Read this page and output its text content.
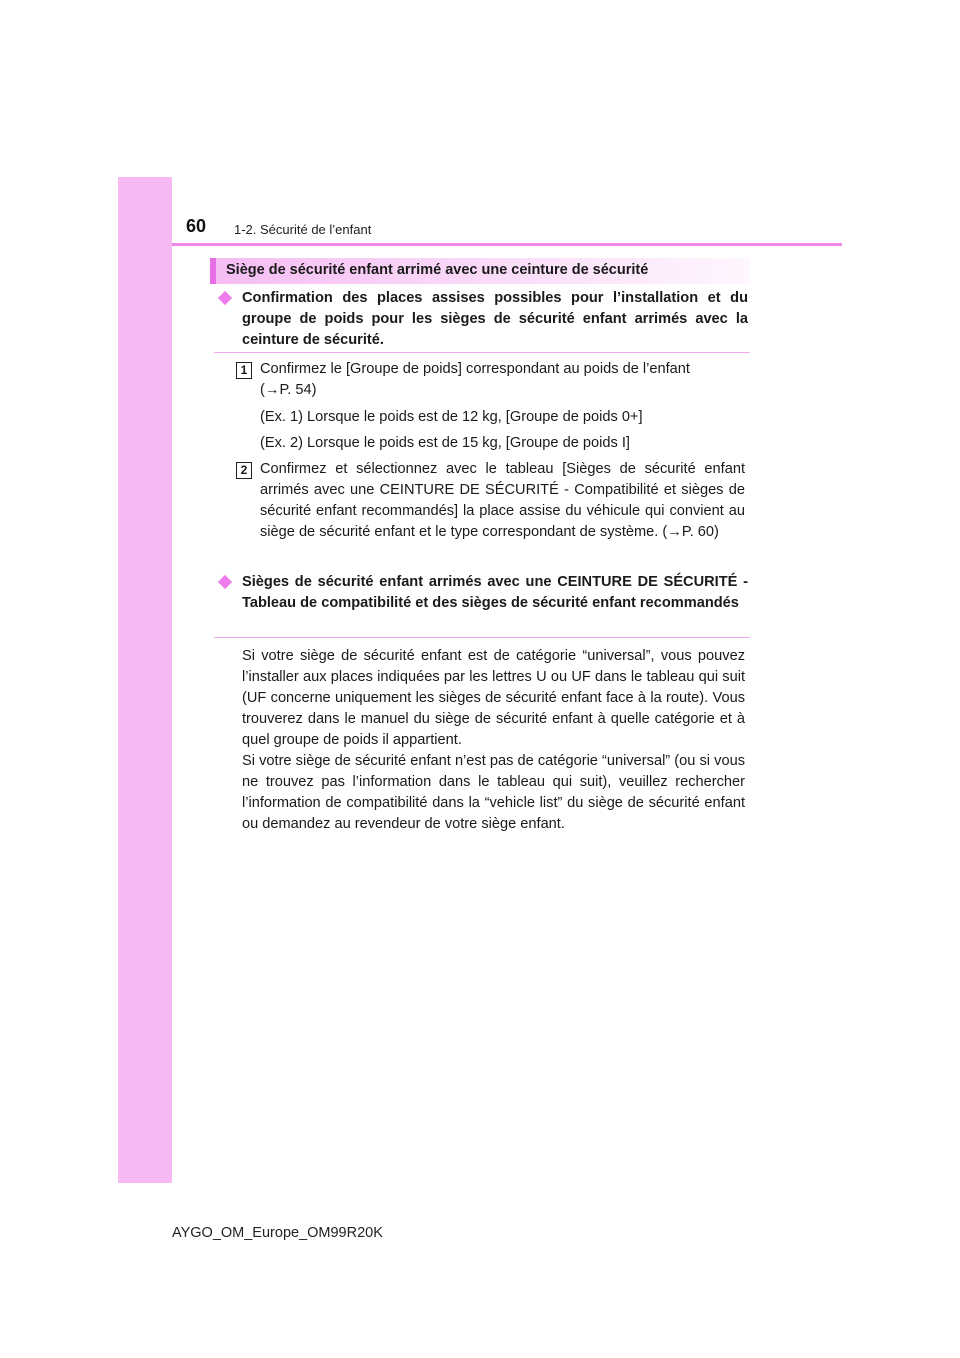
60 1-2. Sécurité de l’enfant
Siège de sécurité enfant arrimé avec une ceinture de sécurité
Confirmation des places assises possibles pour l’installation et du groupe de poids pour les sièges de sécurité enfant arrimés avec la ceinture de sécurité.
1 Confirmez le [Groupe de poids] correspondant au poids de l’enfant (→P. 54)
(Ex. 1) Lorsque le poids est de 12 kg, [Groupe de poids 0+]
(Ex. 2) Lorsque le poids est de 15 kg, [Groupe de poids I]
2 Confirmez et sélectionnez avec le tableau [Sièges de sécurité enfant arrimés avec une CEINTURE DE SÉCURITÉ - Compatibilité et sièges de sécurité enfant recommandés] la place assise du véhicule qui convient au siège de sécurité enfant et le type correspondant de système. (→P. 60)
Sièges de sécurité enfant arrimés avec une CEINTURE DE SÉCURITÉ - Tableau de compatibilité et des sièges de sécurité enfant recommandés
Si votre siège de sécurité enfant est de catégorie “universal”, vous pouvez l’installer aux places indiquées par les lettres U ou UF dans le tableau qui suit (UF concerne uniquement les sièges de sécurité enfant face à la route). Vous trouverez dans le manuel du siège de sécurité enfant à quelle catégorie et à quel groupe de poids il appartient.
Si votre siège de sécurité enfant n’est pas de catégorie “universal” (ou si vous ne trouvez pas l’information dans le tableau qui suit), veuillez rechercher l’information de compatibilité dans la “vehicle list” du siège de sécurité enfant ou demandez au revendeur de votre siège enfant.
AYGO_OM_Europe_OM99R20K
